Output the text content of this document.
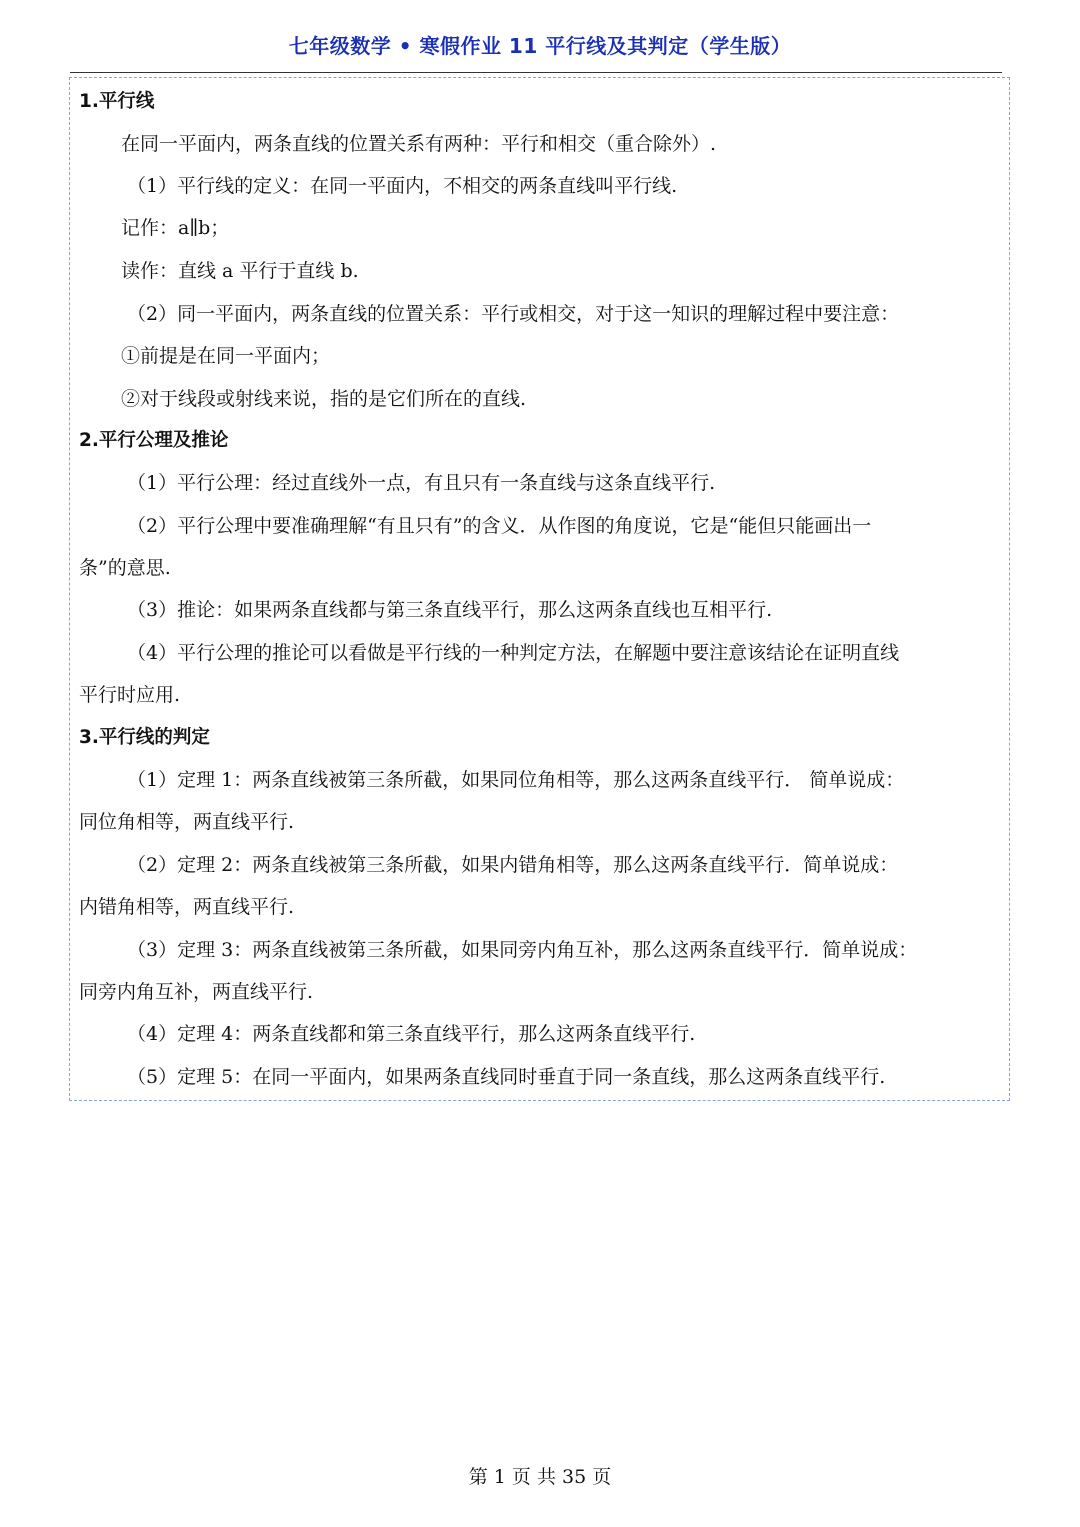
七年级数学 • 寒假作业 11 平行线及其判定（学生版）
1.平行线
在同一平面内，两条直线的位置关系有两种：平行和相交（重合除外）.
（1）平行线的定义：在同一平面内，不相交的两条直线叫平行线.
记作：a∥b；
读作：直线 a 平行于直线 b.
（2）同一平面内，两条直线的位置关系：平行或相交，对于这一知识的理解过程中要注意：
①前提是在同一平面内；
②对于线段或射线来说，指的是它们所在的直线.
2.平行公理及推论
（1）平行公理：经过直线外一点，有且只有一条直线与这条直线平行.
（2）平行公理中要准确理解“有且只有”的含义．从作图的角度说，它是“能但只能画出一
条”的意思.
（3）推论：如果两条直线都与第三条直线平行，那么这两条直线也互相平行.
（4）平行公理的推论可以看做是平行线的一种判定方法，在解题中要注意该结论在证明直线
平行时应用.
3.平行线的判定
（1）定理 1：两条直线被第三条所截，如果同位角相等，那么这两条直线平行． 简单说成：
同位角相等，两直线平行.
（2）定理 2：两条直线被第三条所截，如果内错角相等，那么这两条直线平行．简单说成：
内错角相等，两直线平行.
（3）定理 3：两条直线被第三条所截，如果同旁内角互补，那么这两条直线平行．简单说成：
同旁内角互补，两直线平行.
（4）定理 4：两条直线都和第三条直线平行，那么这两条直线平行.
（5）定理 5：在同一平面内，如果两条直线同时垂直于同一条直线，那么这两条直线平行.
第 1 页 共 35 页
